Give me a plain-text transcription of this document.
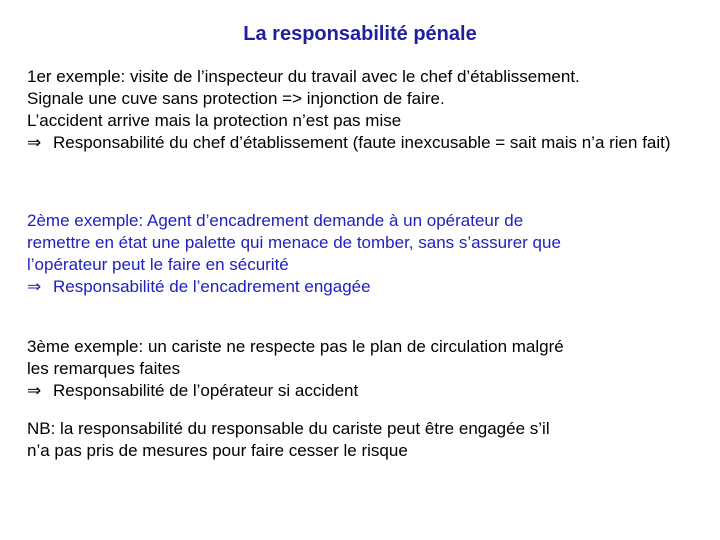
La responsabilité pénale
1er exemple: visite de l’inspecteur du travail avec le chef d’établissement.
Signale une cuve sans protection => injonction de faire.
L’accident arrive mais la protection n’est pas mise
⇒ Responsabilité du chef d’établissement (faute inexcusable = sait mais n’a rien fait)
2ème exemple: Agent d’encadrement demande à un opérateur de
remettre en état une palette qui menace de tomber, sans s’assurer que
l’opérateur peut le faire en sécurité
⇒ Responsabilité de l’encadrement engagée
3ème exemple: un cariste ne respecte pas le plan de circulation malgré
les remarques faites
⇒ Responsabilité de l’opérateur si accident
NB: la responsabilité du responsable du cariste peut être engagée s’il
n’a pas pris de mesures pour faire cesser le risque
